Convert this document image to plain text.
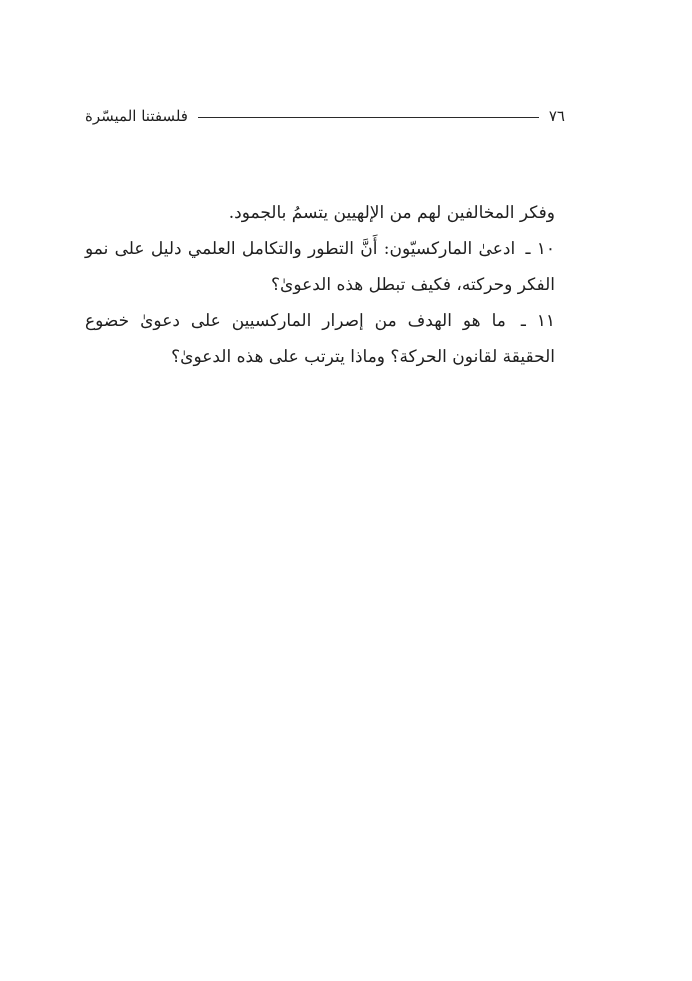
٧٦
فلسفتنا الميسّرة

وفكر المخالفين لهم من الإلهيين يتسمُ بالجمود.

١٠ ـ ادعىٰ الماركسيّون: أَنَّ التطور والتكامل العلمي دليل على نمو الفكر وحركته، فكيف تبطل هذه الدعوىٰ؟

١١ ـ ما هو الهدف من إصرار الماركسيين على دعوىٰ خضوع الحقيقة لقانون الحركة؟ وماذا يترتب على هذه الدعوىٰ؟
